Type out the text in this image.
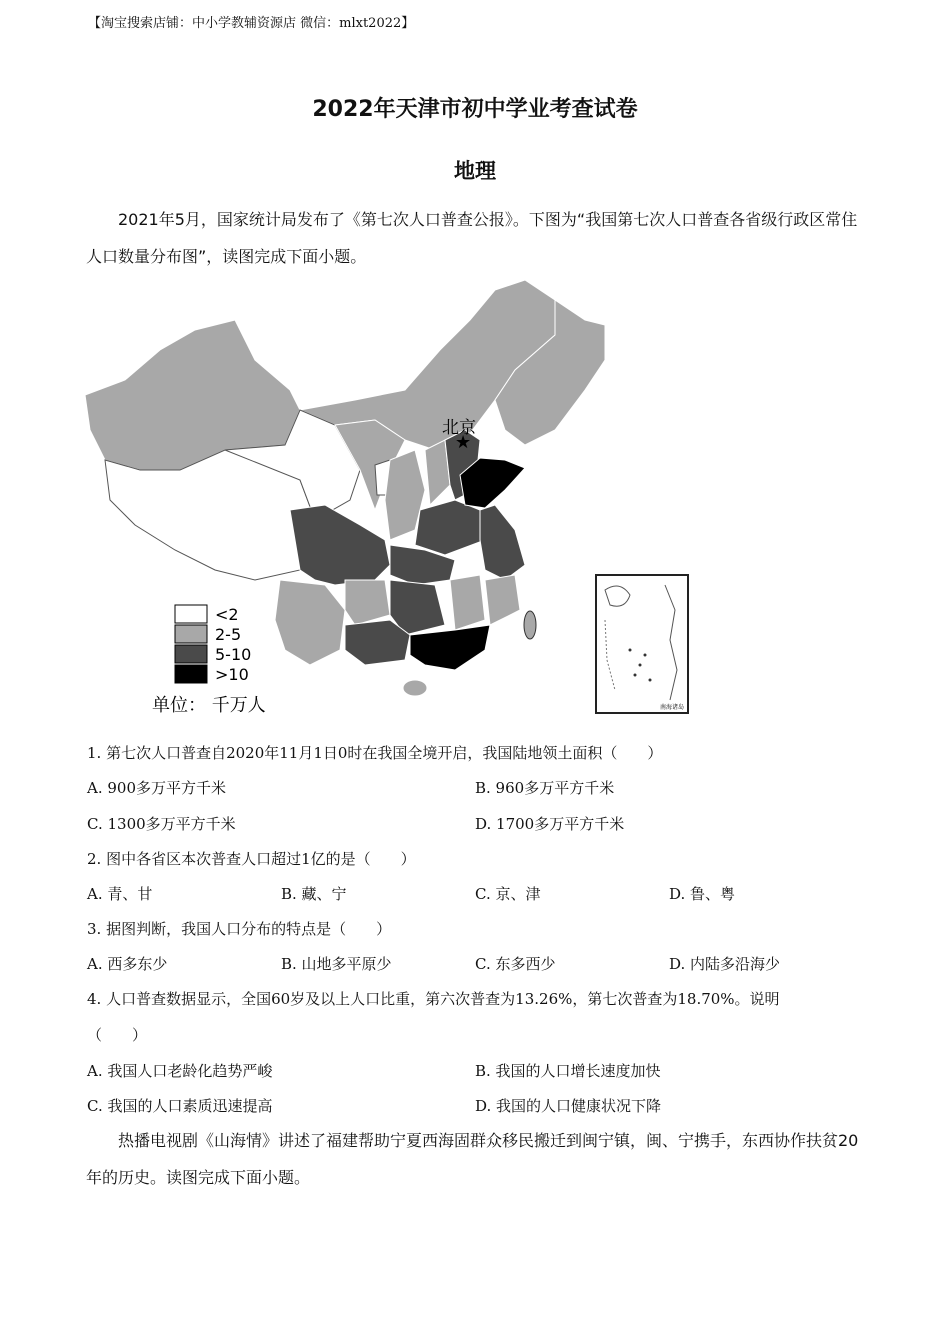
【淘宝搜索店铺：中小学教辅资源店 微信：mlxt2022】
2022年天津市初中学业考查试卷
地理
2021年5月，国家统计局发布了《第七次人口普查公报》。下图为“我国第七次人口普查各省级行政区常住人口数量分布图”，读图完成下面小题。
★
北京
<2
2-5
5-10
>10
单位： 千万人	南海诸岛
1. 第七次人口普查自2020年11月1日0时在我国全境开启，我国陆地领土面积（　　）
A. 900多万平方千米	B. 960多万平方千米
C. 1300多万平方千米	D. 1700多万平方千米
2. 图中各省区本次普查人口超过1亿的是（　　）
A. 青、甘	B. 藏、宁	C. 京、津	D. 鲁、粤
3. 据图判断，我国人口分布的特点是（　　）
A. 西多东少	B. 山地多平原少	C. 东多西少	D. 内陆多沿海少
4. 人口普查数据显示，全国60岁及以上人口比重，第六次普查为13.26%，第七次普查为18.70%。说明
（　　）
A. 我国人口老龄化趋势严峻	B. 我国的人口增长速度加快
C. 我国的人口素质迅速提高	D. 我国的人口健康状况下降
热播电视剧《山海情》讲述了福建帮助宁夏西海固群众移民搬迁到闽宁镇，闽、宁携手，东西协作扶贫20年的历史。读图完成下面小题。
